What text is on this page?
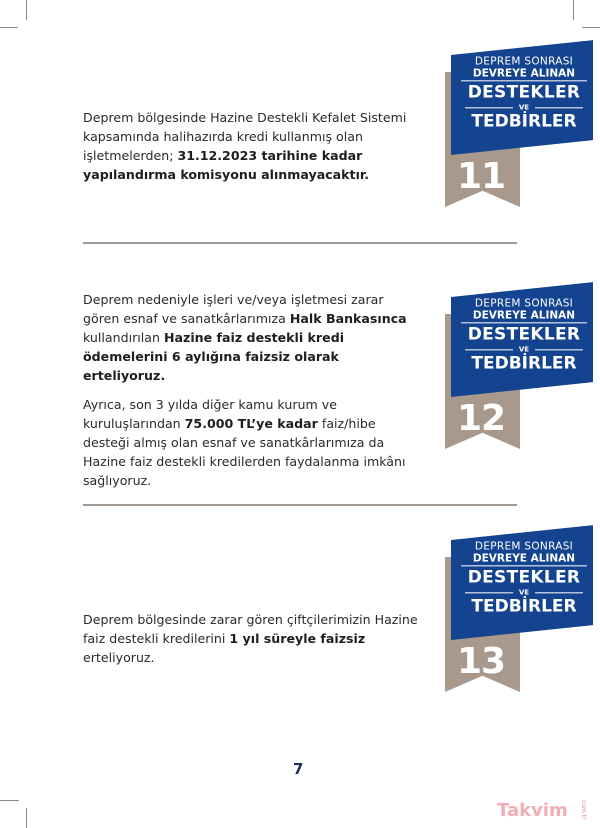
Deprem bölgesinde Hazine Destekli Kefalet Sistemi kapsamında halihazırda kredi kullanmış olan işletmelerden; 31.12.2023 tarihine kadar yapılandırma komisyonu alınmayacaktır.

DEPREM SONRASI
DEVREYE ALINAN
DESTEKLER
VE
TEDBİRLER
11

Deprem nedeniyle işleri ve/veya işletmesi zarar gören esnaf ve sanatkârlarımıza Halk Bankasınca kullandırılan Hazine faiz destekli kredi ödemelerini 6 aylığına faizsiz olarak erteliyoruz.

Ayrıca, son 3 yılda diğer kamu kurum ve kuruluşlarından 75.000 TL’ye kadar faiz/hibe desteği almış olan esnaf ve sanatkârlarımıza da Hazine faiz destekli kredilerden faydalanma imkânı sağlıyoruz.

DEPREM SONRASI
DEVREYE ALINAN
DESTEKLER
VE
TEDBİRLER
12

Deprem bölgesinde zarar gören çiftçilerimizin Hazine faiz destekli kredilerini 1 yıl süreyle faizsiz erteliyoruz.

DEPREM SONRASI
DEVREYE ALINAN
DESTEKLER
VE
TEDBİRLER
13
7
Takvim com.tr
